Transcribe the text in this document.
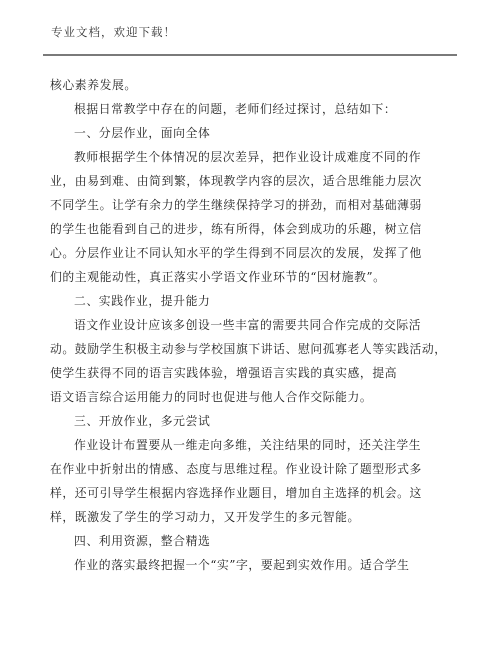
专业文档，欢迎下载！

核心素养发展。

根据日常教学中存在的问题，老师们经过探讨，总结如下：

一、分层作业，面向全体

教师根据学生个体情况的层次差异，把作业设计成难度不同的作

业，由易到难、由简到繁，体现教学内容的层次，适合思维能力层次

不同学生。让学有余力的学生继续保持学习的拼劲，而相对基础薄弱

的学生也能看到自己的进步，练有所得，体会到成功的乐趣，树立信

心。分层作业让不同认知水平的学生得到不同层次的发展，发挥了他

们的主观能动性，真正落实小学语文作业环节的“因材施教”。

二、实践作业，提升能力

语文作业设计应该多创设一些丰富的需要共同合作完成的交际活

动。鼓励学生积极主动参与学校国旗下讲话、慰问孤寡老人等实践活动，

使学生获得不同的语言实践体验，增强语言实践的真实感，提高

语文语言综合运用能力的同时也促进与他人合作交际能力。

三、开放作业，多元尝试

作业设计布置要从一维走向多维，关注结果的同时，还关注学生

在作业中折射出的情感、态度与思维过程。作业设计除了题型形式多

样，还可引导学生根据内容选择作业题目，增加自主选择的机会。这

样，既激发了学生的学习动力，又开发学生的多元智能。

四、利用资源，整合精选

作业的落实最终把握一个“实”字，要起到实效作用。适合学生
